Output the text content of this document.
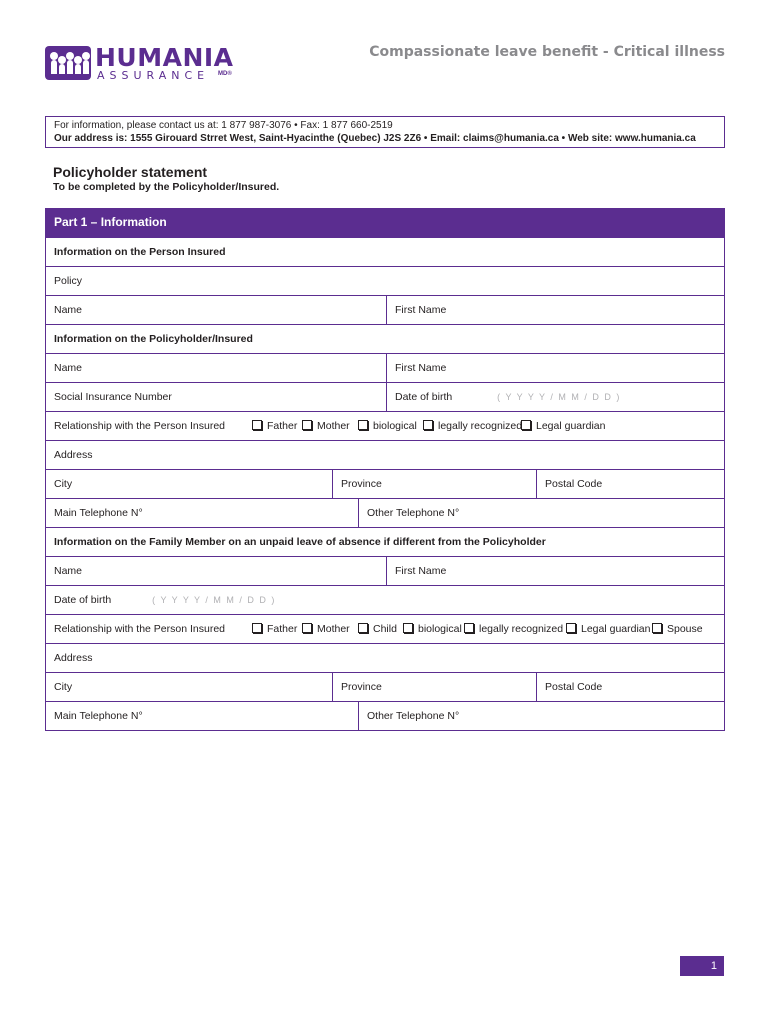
HUMANIA
ASSURANCE MD®
Compassionate leave benefit - Critical illness
For information, please contact us at: 1 877 987-3076 • Fax: 1 877 660-2519
Our address is: 1555 Girouard Strret West, Saint-Hyacinthe (Quebec) J2S 2Z6 • Email: claims@humania.ca • Web site: www.humania.ca
Policyholder statement
To be completed by the Policyholder/Insured.
Part 1 – Information
Information on the Person Insured
Policy
Name	First Name
Information on the Policyholder/Insured
Name	First Name
Social Insurance Number	Date of birth	( Y Y Y Y / M M / D D )
Relationship with the Person Insured	Father	Mother	biological	legally recognized	Legal guardian
Address
City	Province	Postal Code
Main Telephone N°	Other Telephone N°
Information on the Family Member on an unpaid leave of absence if different from the Policyholder
Name	First Name
Date of birth	( Y Y Y Y / M M / D D )
Relationship with the Person Insured	Father	Mother	Child	biological	legally recognized	Legal guardian	Spouse
Address
City	Province	Postal Code
Main Telephone N°	Other Telephone N°
1
